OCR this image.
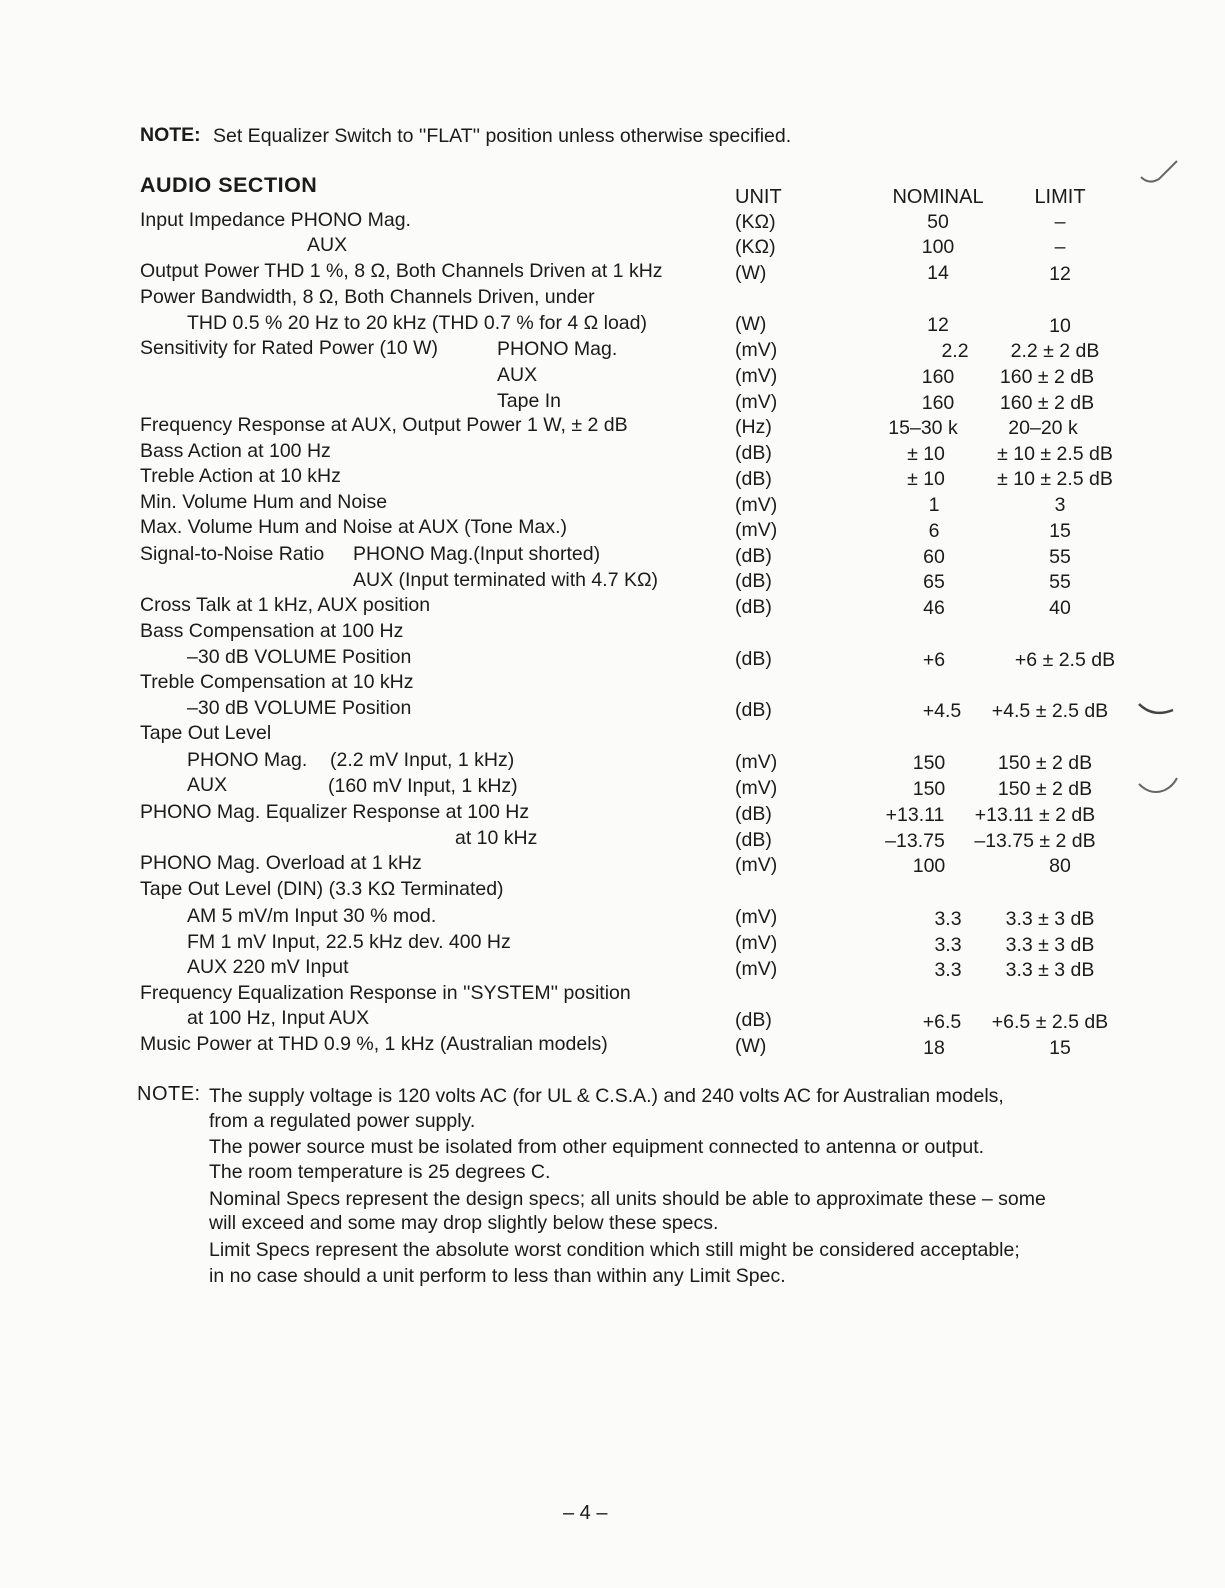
NOTE: Set Equalizer Switch to ''FLAT'' position unless otherwise specified.
AUDIO SECTION	UNIT	NOMINAL	LIMIT
Input Impedance PHONO Mag.	(KΩ)	50	–
AUX	(KΩ)	100	–
Output Power THD 1 %, 8 Ω, Both Channels Driven at 1 kHz	(W)	14	12
Power Bandwidth, 8 Ω, Both Channels Driven, under
THD 0.5 % 20 Hz to 20 kHz (THD 0.7 % for 4 Ω load)	(W)	12	10
Sensitivity for Rated Power (10 W)	PHONO Mag.	(mV)	2.2	2.2 ± 2 dB
AUX	(mV)	160	160 ± 2 dB
Tape In	(mV)	160	160 ± 2 dB
Frequency Response at AUX, Output Power 1 W, ± 2 dB	(Hz)	15–30 k	20–20 k
Bass Action at 100 Hz	(dB)	± 10	± 10 ± 2.5 dB
Treble Action at 10 kHz	(dB)	± 10	± 10 ± 2.5 dB
Min. Volume Hum and Noise	(mV)	1	3
Max. Volume Hum and Noise at AUX (Tone Max.)	(mV)	6	15
Signal-to-Noise Ratio PHONO Mag.(Input shorted)	(dB)	60	55
AUX (Input terminated with 4.7 KΩ)	(dB)	65	55
Cross Talk at 1 kHz, AUX position	(dB)	46	40
Bass Compensation at 100 Hz
–30 dB VOLUME Position	(dB)	+6	+6 ± 2.5 dB
Treble Compensation at 10 kHz
–30 dB VOLUME Position	(dB)	+4.5	+4.5 ± 2.5 dB
Tape Out Level
PHONO Mag. (2.2 mV Input, 1 kHz)	(mV)	150	150 ± 2 dB
AUX	(160 mV Input, 1 kHz)	(mV)	150	150 ± 2 dB
PHONO Mag. Equalizer Response at 100 Hz	(dB)	+13.11	+13.11 ± 2 dB
at 10 kHz	(dB)	–13.75	–13.75 ± 2 dB
PHONO Mag. Overload at 1 kHz	(mV)	100	80
Tape Out Level (DIN) (3.3 KΩ Terminated)
AM 5 mV/m Input 30 % mod.	(mV)	3.3	3.3 ± 3 dB
FM 1 mV Input, 22.5 kHz dev. 400 Hz	(mV)	3.3	3.3 ± 3 dB
AUX 220 mV Input	(mV)	3.3	3.3 ± 3 dB
Frequency Equalization Response in ''SYSTEM'' position
at 100 Hz, Input AUX	(dB)	+6.5	+6.5 ± 2.5 dB
Music Power at THD 0.9 %, 1 kHz (Australian models)	(W)	18	15
NOTE: The supply voltage is 120 volts AC (for UL & C.S.A.) and 240 volts AC for Australian models,
from a regulated power supply.
The power source must be isolated from other equipment connected to antenna or output.
The room temperature is 25 degrees C.
Nominal Specs represent the design specs; all units should be able to approximate these – some
will exceed and some may drop slightly below these specs.
Limit Specs represent the absolute worst condition which still might be considered acceptable;
in no case should a unit perform to less than within any Limit Spec.
– 4 –
